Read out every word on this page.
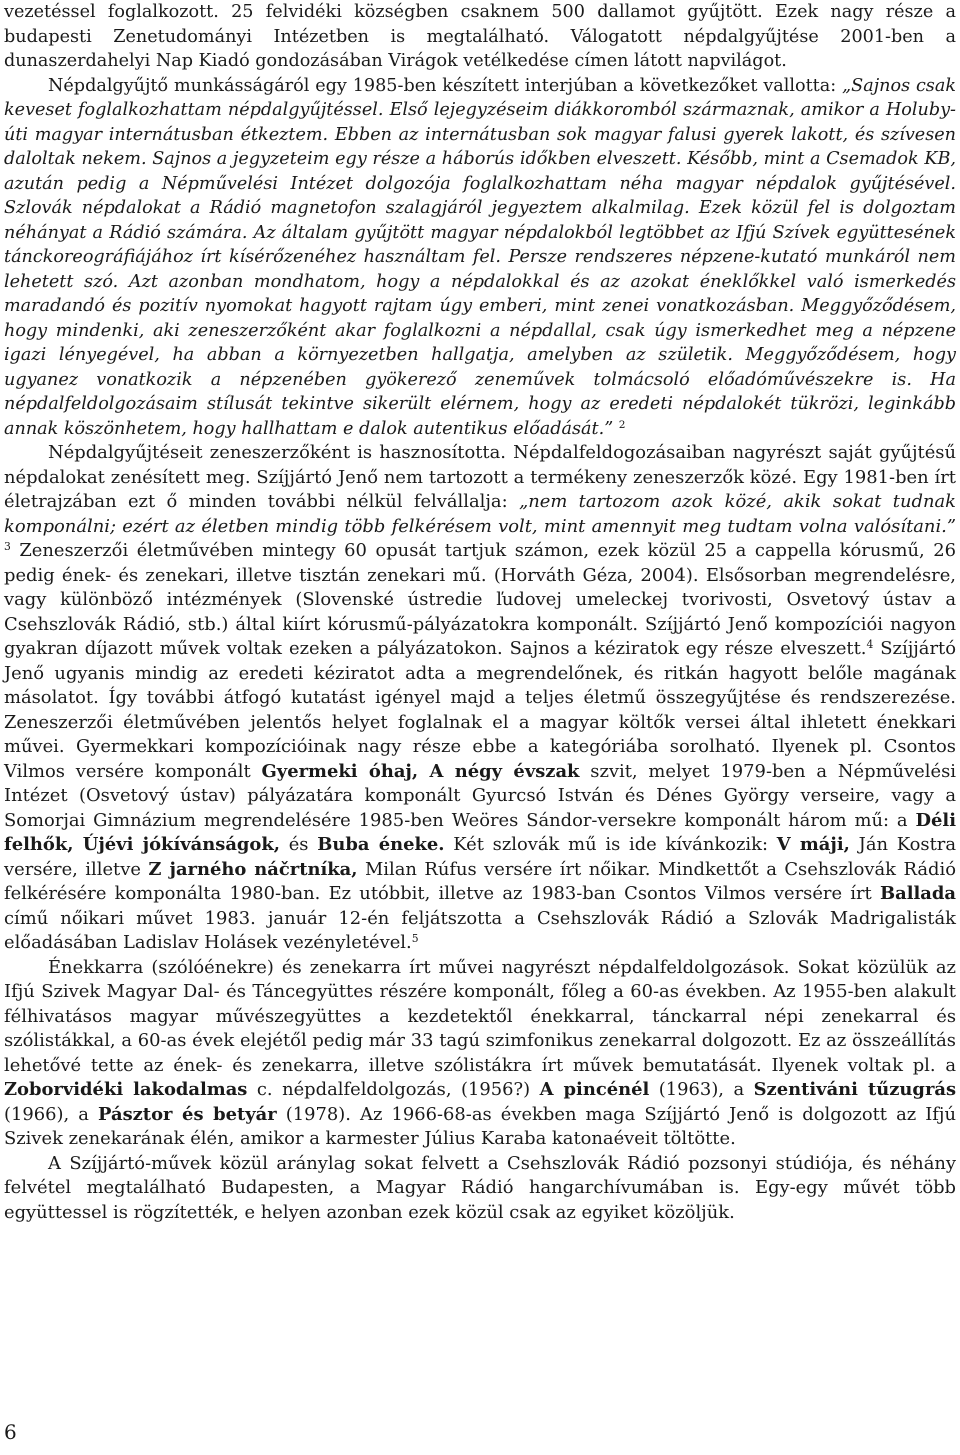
vezetéssel foglalkozott. 25 felvidéki községben csaknem 500 dallamot gyűjtött. Ezek nagy része a budapesti Zenetudományi Intézetben is megtalálható. Válogatott népdalgyűjtése 2001-ben a dunaszerdahelyi Nap Kiadó gondozásában Virágok vetélkedése címen látott napvilágot.

Népdalgyűjtő munkásságáról egy 1985-ben készített interjúban a következőket vallotta: „Sajnos csak keveset foglalkozhattam népdalgyűjtéssel. Első lejegyzéseim diákkoromból származnak, amikor a Holuby-úti magyar internátusban étkeztem. Ebben az internátusban sok magyar falusi gyerek lakott, és szívesen daloltak nekem. Sajnos a jegyzeteim egy része a háborús időkben elveszett. Később, mint a Csemadok KB, azután pedig a Népművelési Intézet dolgozója foglalkozhattam néha magyar népdalok gyűjtésével. Szlovák népdalokat a Rádió magnetofon szalagjáról jegyeztem alkalmilag. Ezek közül fel is dolgoztam néhányat a Rádió számára. Az általam gyűjtött magyar népdalokból legtöbbet az Ifjú Szívek együttesének tánckoreográfiájához írt kísérőzenéhez használtam fel. Persze rendszeres népzene-kutató munkáról nem lehetett szó. Azt azonban mondhatom, hogy a népdalokkal és az azokat éneklőkkel való ismerkedés maradandó és pozitív nyomokat hagyott rajtam úgy emberi, mint zenei vonatkozásban. Meggyőződésem, hogy mindenki, aki zeneszerzőként akar foglalkozni a népdallal, csak úgy ismerkedhet meg a népzene igazi lényegével, ha abban a környezetben hallgatja, amelyben az születik. Meggyőződésem, hogy ugyanez vonatkozik a népzenében gyökerező zeneművek tolmácsoló előadóművészekre is. Ha népdalfeldolgozásaim stílusát tekintve sikerült elérnem, hogy az eredeti népdalokét tükrözi, leginkább annak köszönhetem, hogy hallhattam e dalok autentikus előadását.” $^2$

Népdalgyűjtéseit zeneszerzőként is hasznosította. Népdalfeldogozásaiban nagyrészt saját gyűjtésű népdalokat zenésített meg. Szíjjártó Jenő nem tartozott a termékeny zeneszerzők közé. Egy 1981-ben írt életrajzában ezt ő minden további nélkül felvállalja: „nem tartozom azok közé, akik sokat tudnak komponálni; ezért az életben mindig több felkérésem volt, mint amennyit meg tudtam volna valósítani.” $^3$ Zeneszerzői életművében mintegy 60 opusát tartjuk számon, ezek közül 25 a cappella kórusmű, 26 pedig ének- és zenekari, illetve tisztán zenekari mű. (Horváth Géza, 2004). Elsősorban megrendelésre, vagy különböző intézmények (Slovenské ústredie ľudovej umeleckej tvorivosti, Osvetový ústav a Csehszlovák Rádió, stb.) által kiírt kórusmű-pályázatokra komponált. Szíjjártó Jenő kompozíciói nagyon gyakran díjazott művek voltak ezeken a pályázatokon. Sajnos a kéziratok egy része elveszett.$^4$ Szíjjártó Jenő ugyanis mindig az eredeti kéziratot adta a megrendelőnek, és ritkán hagyott belőle magának másolatot. Így további átfogó kutatást igényel majd a teljes életmű összegyűjtése és rendszerezése. Zeneszerzői életművében jelentős helyet foglalnak el a magyar költők versei által ihletett énekkari művei. Gyermekkari kompozícióinak nagy része ebbe a kategóriába sorolható. Ilyenek pl. Csontos Vilmos versére komponált Gyermeki óhaj, A négy évszak szvit, melyet 1979-ben a Népművelési Intézet (Osvetový ústav) pályázatára komponált Gyurcsó István és Dénes György verseire, vagy a Somorjai Gimnázium megrendelésére 1985-ben Weöres Sándor-versekre komponált három mű: a Déli felhők, Újévi jókívánságok, és Buba éneke. Két szlovák mű is ide kívánkozik: V máji, Ján Kostra versére, illetve Z jarného náčrtníka, Milan Rúfus versére írt nőikar. Mindkettőt a Csehszlovák Rádió felkérésére komponálta 1980-ban. Ez utóbbit, illetve az 1983-ban Csontos Vilmos versére írt Ballada című nőikari művet 1983. január 12-én feljátszotta a Csehszlovák Rádió a Szlovák Madrigalisták előadásában Ladislav Holásek vezényletével.$^5$

Énekkarra (szólóénekre) és zenekarra írt művei nagyrészt népdalfeldolgozások. Sokat közülük az Ifjú Szivek Magyar Dal- és Táncegyüttes részére komponált, főleg a 60-as években. Az 1955-ben alakult félhivatásos magyar művészegyüttes a kezdetektől énekkarral, tánckarral népi zenekarral és szólistákkal, a 60-as évek elejétől pedig már 33 tagú szimfonikus zenekarral dolgozott. Ez az összeállítás lehetővé tette az ének- és zenekarra, illetve szólistákra írt művek bemutatását. Ilyenek voltak pl. a Zoborvidéki lakodalmas c. népdalfeldolgozás, (1956?) A pincénél (1963), a Szentiváni tűzugrás (1966), a Pásztor és betyár (1978). Az 1966-68-as években maga Szíjjártó Jenő is dolgozott az Ifjú Szivek zenekarának élén, amikor a karmester Július Karaba katonaéveit töltötte.

A Szíjjártó-művek közül aránylag sokat felvett a Csehszlovák Rádió pozsonyi stúdiója, és néhány felvétel megtalálható Budapesten, a Magyar Rádió hangarchívumában is. Egy-egy művét több együttessel is rögzítették, e helyen azonban ezek közül csak az egyiket közöljük.

6
